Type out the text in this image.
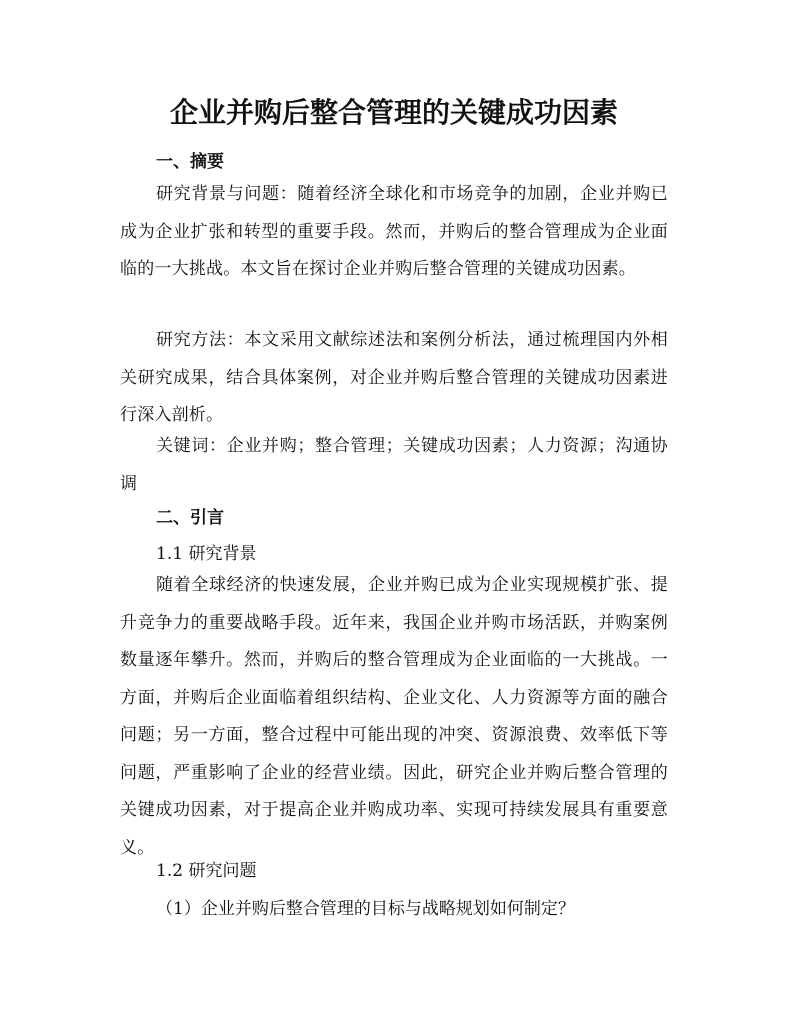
企业并购后整合管理的关键成功因素
一、摘要
研究背景与问题：随着经济全球化和市场竞争的加剧，企业并购已成为企业扩张和转型的重要手段。然而，并购后的整合管理成为企业面临的一大挑战。本文旨在探讨企业并购后整合管理的关键成功因素。
研究方法：本文采用文献综述法和案例分析法，通过梳理国内外相关研究成果，结合具体案例，对企业并购后整合管理的关键成功因素进行深入剖析。
关键词：企业并购；整合管理；关键成功因素；人力资源；沟通协调
二、引言
1.1 研究背景
随着全球经济的快速发展，企业并购已成为企业实现规模扩张、提升竞争力的重要战略手段。近年来，我国企业并购市场活跃，并购案例数量逐年攀升。然而，并购后的整合管理成为企业面临的一大挑战。一方面，并购后企业面临着组织结构、企业文化、人力资源等方面的融合问题；另一方面，整合过程中可能出现的冲突、资源浪费、效率低下等问题，严重影响了企业的经营业绩。因此，研究企业并购后整合管理的关键成功因素，对于提高企业并购成功率、实现可持续发展具有重要意义。
1.2 研究问题
（1）企业并购后整合管理的目标与战略规划如何制定？
